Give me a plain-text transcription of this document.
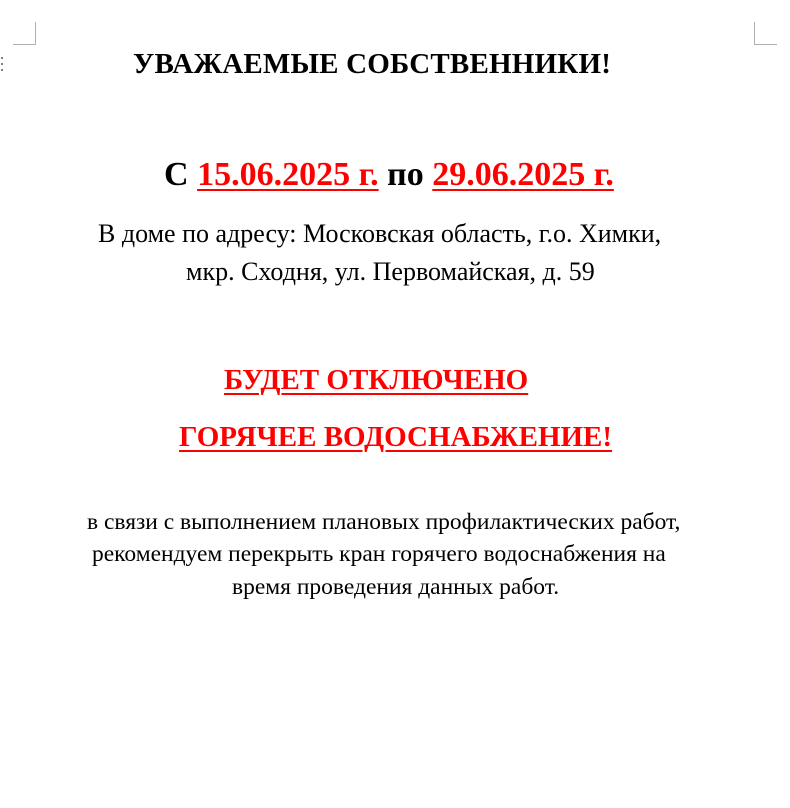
УВАЖАЕМЫЕ СОБСТВЕННИКИ!
С 15.06.2025 г. по 29.06.2025 г.
В доме по адресу: Московская область, г.о. Химки,
мкр. Сходня, ул. Первомайская, д. 59
БУДЕТ ОТКЛЮЧЕНО
ГОРЯЧЕЕ ВОДОСНАБЖЕНИЕ!
в связи с выполнением плановых профилактических работ,
рекомендуем перекрыть кран горячего водоснабжения на
время проведения данных работ.
